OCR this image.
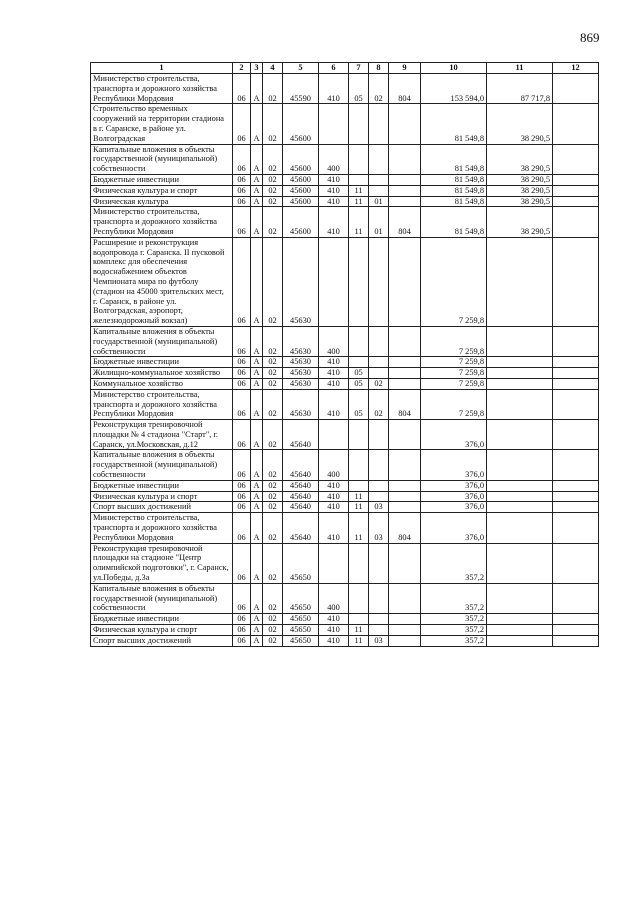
869
1	2	3	4	5	6	7	8	9	10	11	12
Министерство строительства, транспорта и дорожного хозяйства Республики Мордовия	06	А	02	45590	410	05	02	804	153 594,0	87 717,8	
Строительство временных сооружений на территории стадиона в г. Саранске, в районе ул. Волгоградская	06	А	02	45600					81 549,8	38 290,5	
Капитальные вложения в объекты государственной (муниципальной) собственности	06	А	02	45600	400				81 549,8	38 290,5	
Бюджетные инвестиции	06	А	02	45600	410				81 549,8	38 290,5	
Физическая культура и спорт	06	А	02	45600	410	11			81 549,8	38 290,5	
Физическая культура	06	А	02	45600	410	11	01		81 549,8	38 290,5	
Министерство строительства, транспорта и дорожного хозяйства Республики Мордовия	06	А	02	45600	410	11	01	804	81 549,8	38 290,5	
Расширение и реконструкция водопровода г. Саранска. II пусковой комплекс для обеспечения водоснабжением объектов Чемпионата мира по футболу (стадион на 45000 зрительских мест, г. Саранск, в районе ул. Волгоградская, аэропорт, железнодорожный вокзал)	06	А	02	45630					7 259,8		
Капитальные вложения в объекты государственной (муниципальной) собственности	06	А	02	45630	400				7 259,8		
Бюджетные инвестиции	06	А	02	45630	410				7 259,8		
Жилищно-коммунальное хозяйство	06	А	02	45630	410	05			7 259,8		
Коммунальное хозяйство	06	А	02	45630	410	05	02		7 259,8		
Министерство строительства, транспорта и дорожного хозяйства Республики Мордовия	06	А	02	45630	410	05	02	804	7 259,8		
Реконструкция тренировочной площадки № 4 стадиона "Старт", г. Саранск, ул.Московская, д.12	06	А	02	45640					376,0		
Капитальные вложения в объекты государственной (муниципальной) собственности	06	А	02	45640	400				376,0		
Бюджетные инвестиции	06	А	02	45640	410				376,0		
Физическая культура и спорт	06	А	02	45640	410	11			376,0		
Спорт высших достижений	06	А	02	45640	410	11	03		376,0		
Министерство строительства, транспорта и дорожного хозяйства Республики Мордовия	06	А	02	45640	410	11	03	804	376,0		
Реконструкция тренировочной площадки на стадионе "Центр олимпийской подготовки", г. Саранск, ул.Победы, д.3а	06	А	02	45650					357,2		
Капитальные вложения в объекты государственной (муниципальной) собственности	06	А	02	45650	400				357,2		
Бюджетные инвестиции	06	А	02	45650	410				357,2		
Физическая культура и спорт	06	А	02	45650	410	11			357,2		
Спорт высших достижений	06	А	02	45650	410	11	03		357,2		
